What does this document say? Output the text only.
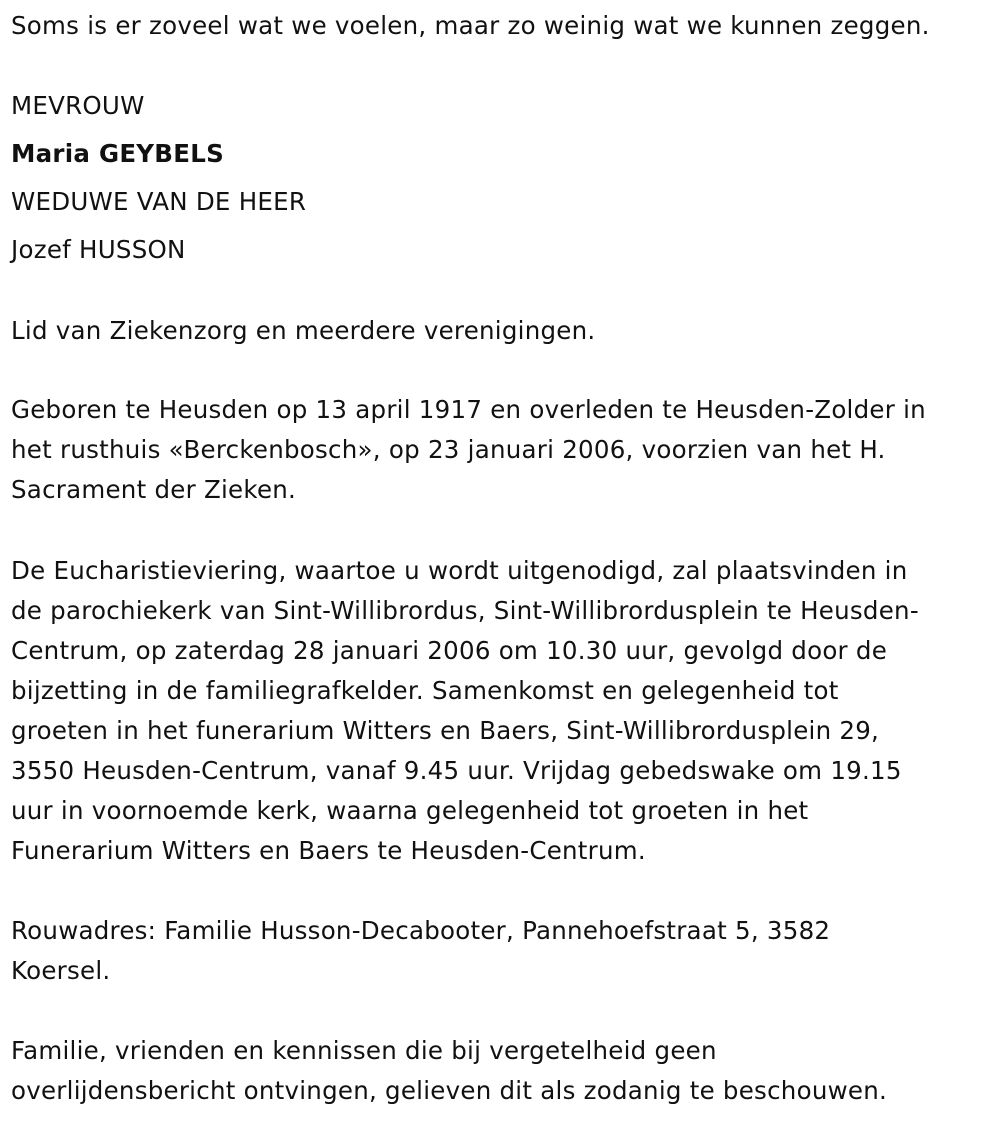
Soms is er zoveel wat we voelen, maar zo weinig wat we kunnen zeggen.

MEVROUW

Maria GEYBELS

WEDUWE VAN DE HEER

Jozef HUSSON

Lid van Ziekenzorg en meerdere verenigingen.
Geboren te Heusden op 13 april 1917 en overleden te Heusden-Zolder in
het rusthuis «Berckenbosch», op 23 januari 2006, voorzien van het H.
Sacrament der Zieken.
De Eucharistieviering, waartoe u wordt uitgenodigd, zal plaatsvinden in
de parochiekerk van Sint-Willibrordus, Sint-Willibrordusplein te Heusden-
Centrum, op zaterdag 28 januari 2006 om 10.30 uur, gevolgd door de
bijzetting in de familiegrafkelder. Samenkomst en gelegenheid tot
groeten in het funerarium Witters en Baers, Sint-Willibrordusplein 29,
3550 Heusden-Centrum, vanaf 9.45 uur. Vrijdag gebedswake om 19.15
uur in voornoemde kerk, waarna gelegenheid tot groeten in het
Funerarium Witters en Baers te Heusden-Centrum.
Rouwadres: Familie Husson-Decabooter, Pannehoefstraat 5, 3582
Koersel.
Familie, vrienden en kennissen die bij vergetelheid geen
overlijdensbericht ontvingen, gelieven dit als zodanig te beschouwen.
